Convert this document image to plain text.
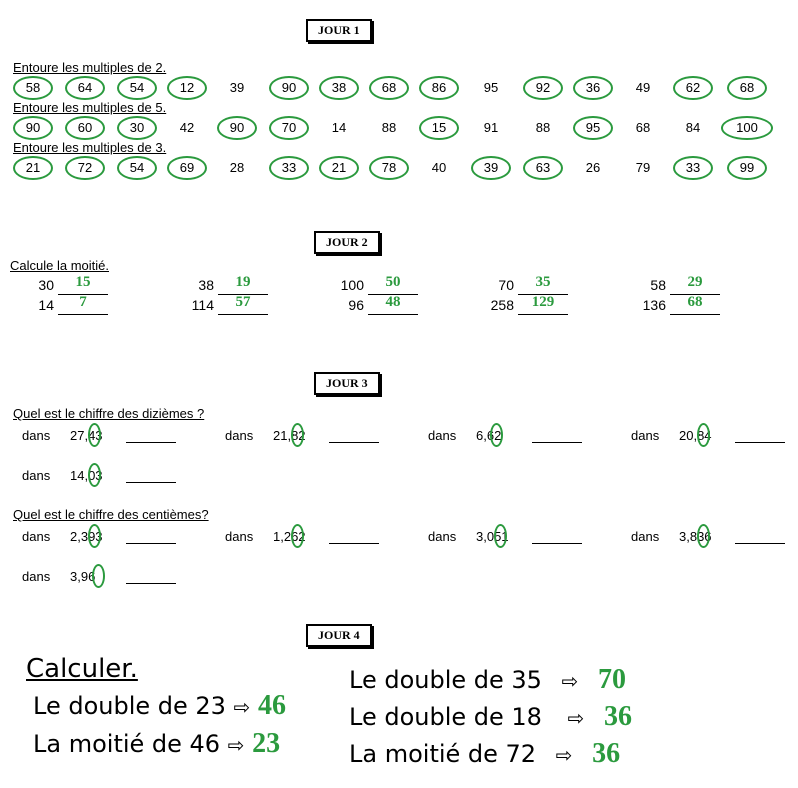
JOUR 1
Entoure les multiples de 2.
58	64	54	12	39	90	38	68	86	95	92	36	49	62	68
Entoure les multiples de 5.
90	60	30	42	90	70	14	88	15	91	88	95	68	84	100
Entoure les multiples de 3.
21	72	54	69	28	33	21	78	40	39	63	26	79	33	99
JOUR 2
Calcule la moitié.
30	15
14	7
38	19
114	57
100	50
96	48
70	35
258	129
58	29
136	68
JOUR 3
Quel est le chiffre des dizièmes ?
Quel est le chiffre des centièmes?
dans 27,43	dans 21,82	dans 6,62	dans 20,84
dans 14,03
dans 2,393	dans 1,262	dans 3,051	dans 3,836
dans 3,96
JOUR 4
Calculer.
Le double de 23 ⇨ 46
La moitié de 46 ⇨ 23
Le double de 35 ⇨ 70
Le double de 18 ⇨ 36
La moitié de 72 ⇨ 36
